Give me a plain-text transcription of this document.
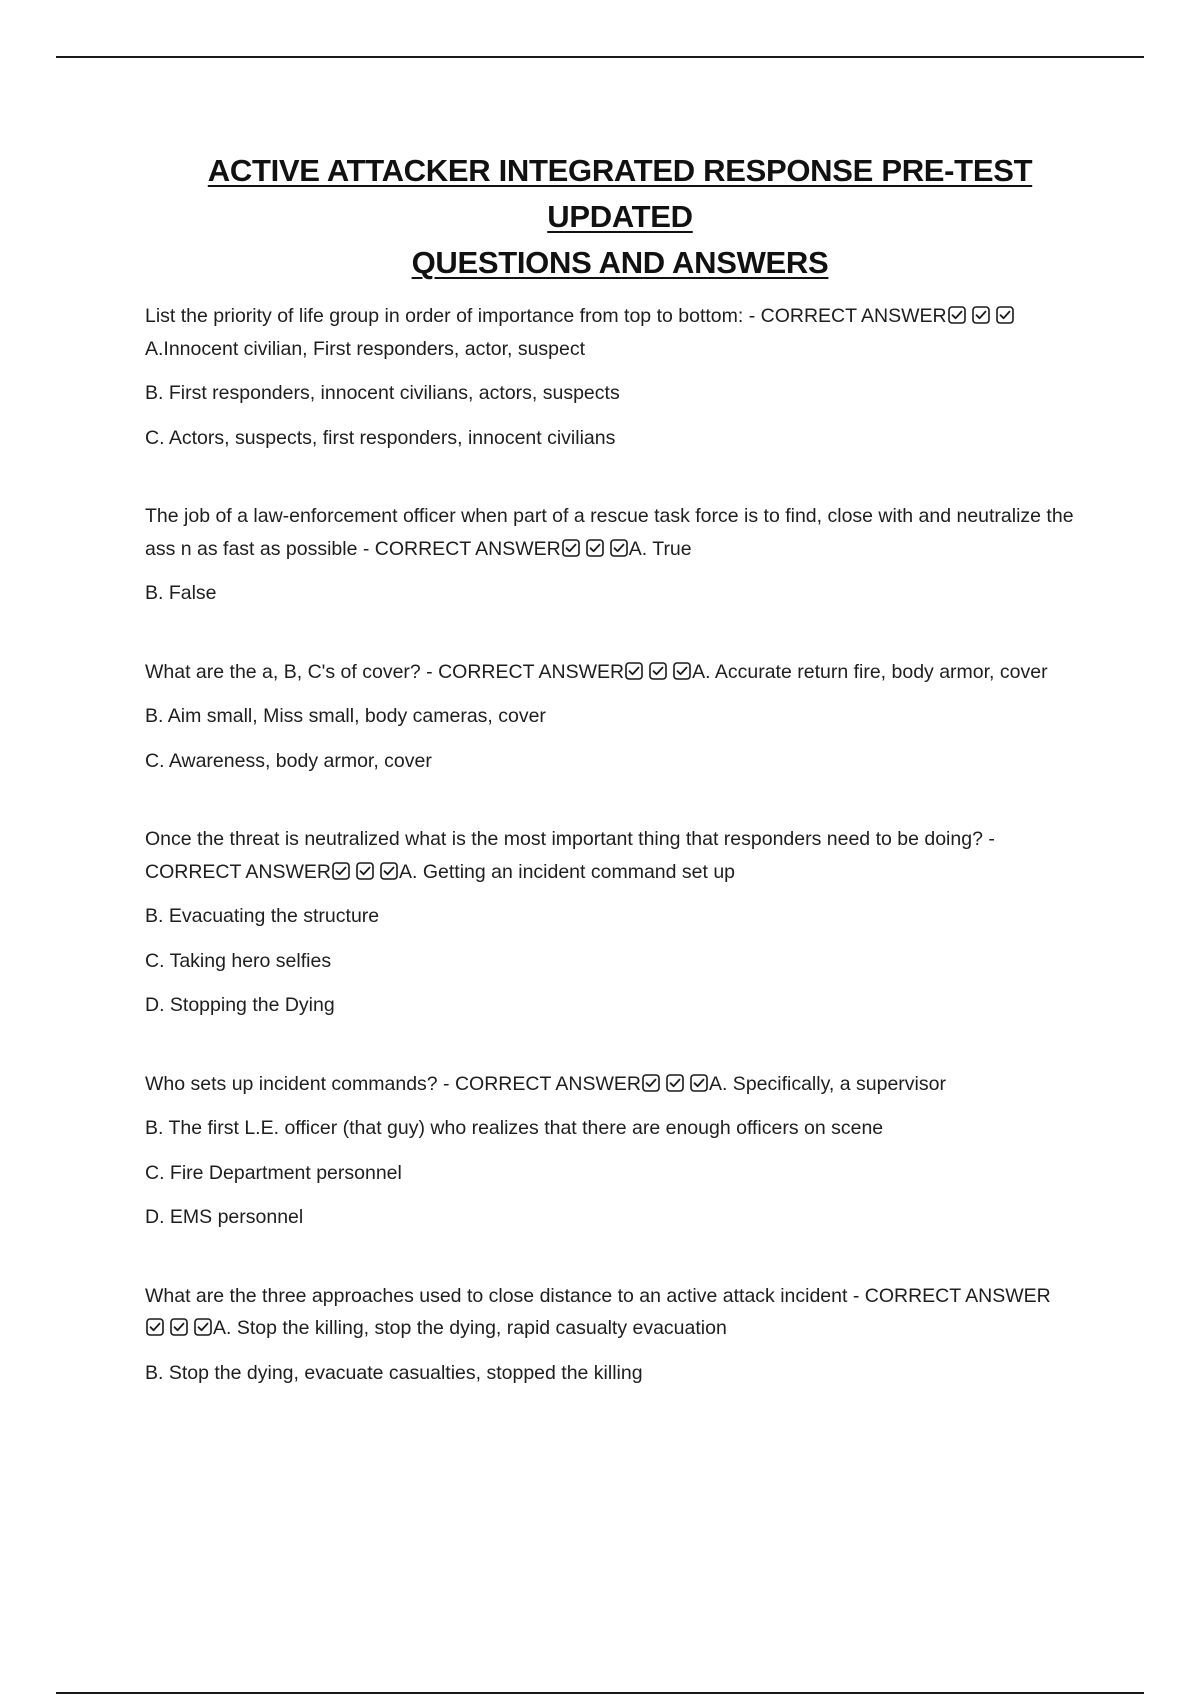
ACTIVE ATTACKER INTEGRATED RESPONSE PRE-TEST UPDATED
QUESTIONS AND ANSWERS

List the priority of life group in order of importance from top to bottom: - CORRECT ANSWER
A.Innocent civilian, First responders, actor, suspect

B. First responders, innocent civilians, actors, suspects

C. Actors, suspects, first responders, innocent civilians

The job of a law-enforcement officer when part of a rescue task force is to find, close with and neutralize the ass n as fast as possible - CORRECT ANSWER	A. True

B. False

What are the a, B, C's of cover? - CORRECT ANSWER	A. Accurate return fire, body armor, cover

B. Aim small, Miss small, body cameras, cover

C. Awareness, body armor, cover

Once the threat is neutralized what is the most important thing that responders need to be doing? - CORRECT ANSWER	A. Getting an incident command set up

B. Evacuating the structure

C. Taking hero selfies

D. Stopping the Dying

Who sets up incident commands? - CORRECT ANSWER	A. Specifically, a supervisor

B. The first L.E. officer (that guy) who realizes that there are enough officers on scene

C. Fire Department personnel

D. EMS personnel

What are the three approaches used to close distance to an active attack incident - CORRECT ANSWER
A. Stop the killing, stop the dying, rapid casualty evacuation

B. Stop the dying, evacuate casualties, stopped the killing
